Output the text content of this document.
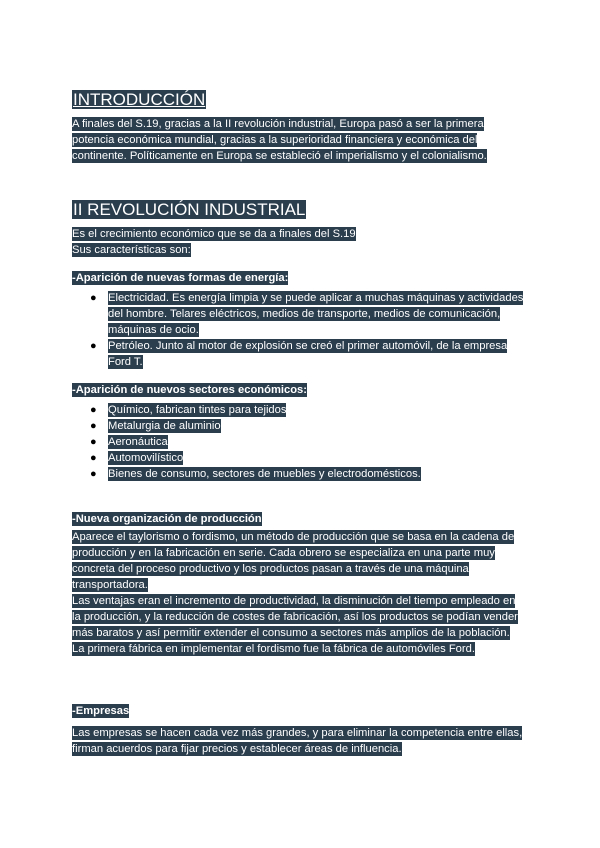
INTRODUCCIÓN

A finales del S.19, gracias a la II revolución industrial, Europa pasó a ser la primera potencia económica mundial, gracias a la superioridad financiera y económica del continente. Políticamente en Europa se estableció el imperialismo y el colonialismo.

II REVOLUCIÓN INDUSTRIAL

Es el crecimiento económico que se da a finales del S.19

Sus características son:

-Aparición de nuevas formas de energía:

● Electricidad. Es energía limpia y se puede aplicar a muchas máquinas y actividades del hombre. Telares eléctricos, medios de transporte, medios de comunicación, máquinas de ocio.
● Petróleo. Junto al motor de explosión se creó el primer automóvil, de la empresa Ford T.

-Aparición de nuevos sectores económicos:

● Químico, fabrican tintes para tejidos
● Metalurgia de aluminio
● Aeronáutica
● Automovilístico
● Bienes de consumo, sectores de muebles y electrodomésticos.

-Nueva organización de producción

Aparece el taylorismo o fordismo, un método de producción que se basa en la cadena de producción y en la fabricación en serie. Cada obrero se especializa en una parte muy concreta del proceso productivo y los productos pasan a través de una máquina transportadora.

Las ventajas eran el incremento de productividad, la disminución del tiempo empleado en la producción, y la reducción de costes de fabricación, así los productos se podían vender más baratos y así permitir extender el consumo a sectores más amplios de la población.

La primera fábrica en implementar el fordismo fue la fábrica de automóviles Ford.

-Empresas

Las empresas se hacen cada vez más grandes, y para eliminar la competencia entre ellas, firman acuerdos para fijar precios y establecer áreas de influencia.
